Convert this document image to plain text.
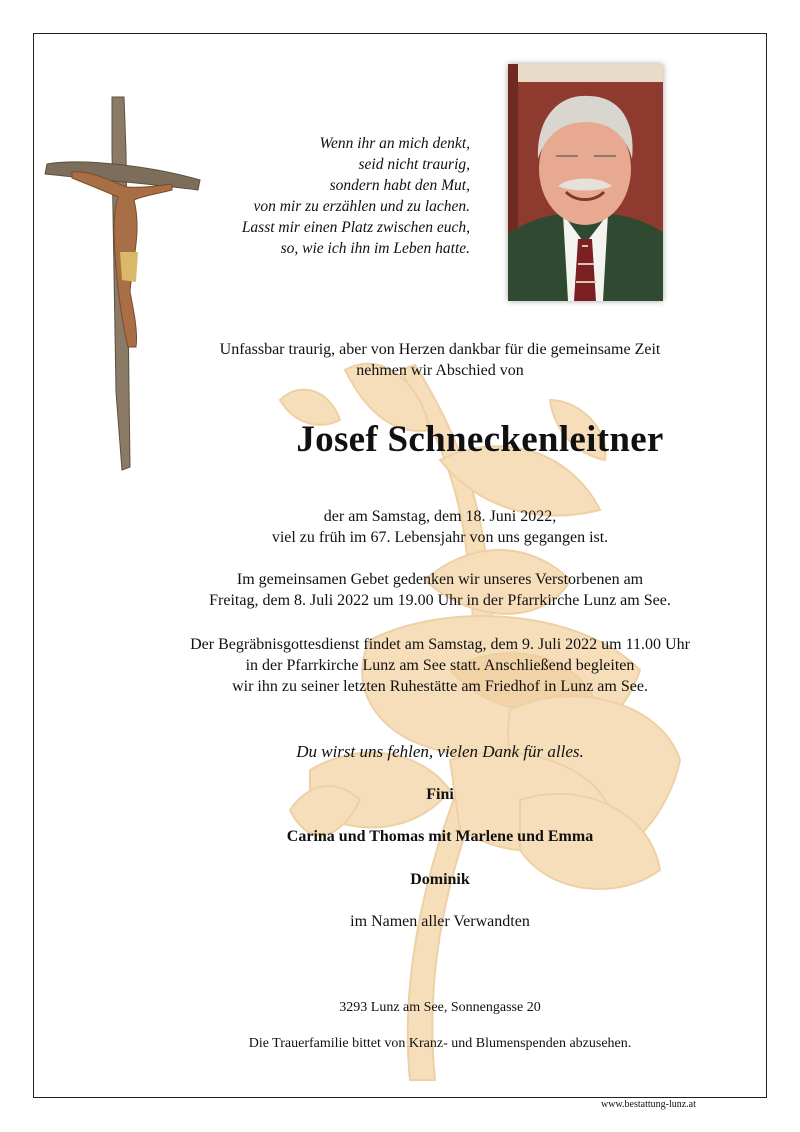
Wenn ihr an mich denkt,
seid nicht traurig,
sondern habt den Mut,
von mir zu erzählen und zu lachen.
Lasst mir einen Platz zwischen euch,
so, wie ich ihn im Leben hatte.
Unfassbar traurig, aber von Herzen dankbar für die gemeinsame Zeit
nehmen wir Abschied von
Josef Schneckenleitner
der am Samstag, dem 18. Juni 2022,
viel zu früh im 67. Lebensjahr von uns gegangen ist.
Im gemeinsamen Gebet gedenken wir unseres Verstorbenen am
Freitag, dem 8. Juli 2022 um 19.00 Uhr in der Pfarrkirche Lunz am See.
Der Begräbnisgottesdienst findet am Samstag, dem 9. Juli 2022 um 11.00 Uhr
in der Pfarrkirche Lunz am See statt. Anschließend begleiten
wir ihn zu seiner letzten Ruhestätte am Friedhof in Lunz am See.
Du wirst uns fehlen, vielen Dank für alles.
Fini
Carina und Thomas mit Marlene und Emma
Dominik
im Namen aller Verwandten
3293 Lunz am See, Sonnengasse 20
Die Trauerfamilie bittet von Kranz- und Blumenspenden abzusehen.
www.bestattung-lunz.at
